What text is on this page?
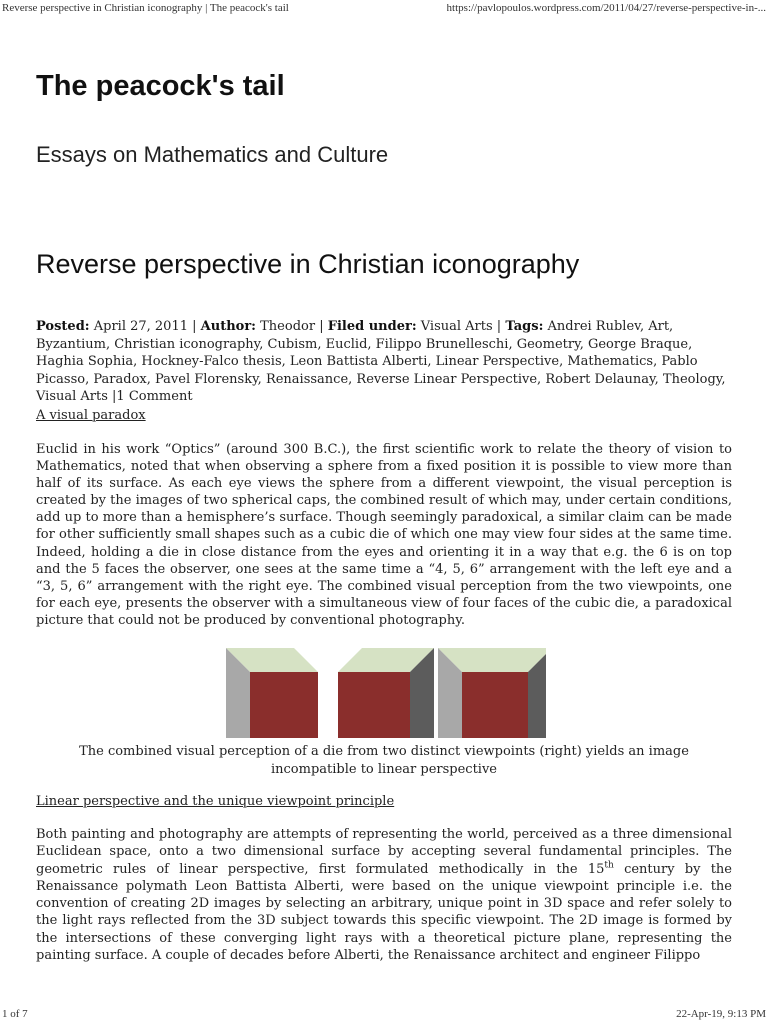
Reverse perspective in Christian iconography | The peacock's tail	https://pavlopoulos.wordpress.com/2011/04/27/reverse-perspective-in-...
The peacock's tail
Essays on Mathematics and Culture
Reverse perspective in Christian iconography
Posted: April 27, 2011 | Author: Theodor | Filed under: Visual Arts | Tags: Andrei Rublev, Art, Byzantium, Christian iconography, Cubism, Euclid, Filippo Brunelleschi, Geometry, George Braque, Haghia Sophia, Hockney-Falco thesis, Leon Battista Alberti, Linear Perspective, Mathematics, Pablo Picasso, Paradox, Pavel Florensky, Renaissance, Reverse Linear Perspective, Robert Delaunay, Theology, Visual Arts |1 Comment
A visual paradox

Euclid in his work “Optics” (around 300 B.C.), the first scientific work to relate the theory of vision to Mathematics, noted that when observing a sphere from a fixed position it is possible to view more than half of its surface. As each eye views the sphere from a different viewpoint, the visual perception is created by the images of two spherical caps, the combined result of which may, under certain conditions, add up to more than a hemisphere’s surface. Though seemingly paradoxical, a similar claim can be made for other sufficiently small shapes such as a cubic die of which one may view four sides at the same time. Indeed, holding a die in close distance from the eyes and orienting it in a way that e.g. the 6 is on top and the 5 faces the observer, one sees at the same time a “4, 5, 6” arrangement with the left eye and a “3, 5, 6” arrangement with the right eye. The combined visual perception from the two viewpoints, one for each eye, presents the observer with a simultaneous view of four faces of the cubic die, a paradoxical picture that could not be produced by conventional photography.

The combined visual perception of a die from two distinct viewpoints (right) yields an image incompatible to linear perspective
Linear perspective and the unique viewpoint principle

Both painting and photography are attempts of representing the world, perceived as a three dimensional Euclidean space, onto a two dimensional surface by accepting several fundamental principles. The geometric rules of linear perspective, first formulated methodically in the 15th century by the Renaissance polymath Leon Battista Alberti, were based on the unique viewpoint principle i.e. the convention of creating 2D images by selecting an arbitrary, unique point in 3D space and refer solely to the light rays reflected from the 3D subject towards this specific viewpoint. The 2D image is formed by the intersections of these converging light rays with a theoretical picture plane, representing the painting surface. A couple of decades before Alberti, the Renaissance architect and engineer Filippo

1 of 7	22-Apr-19, 9:13 PM
